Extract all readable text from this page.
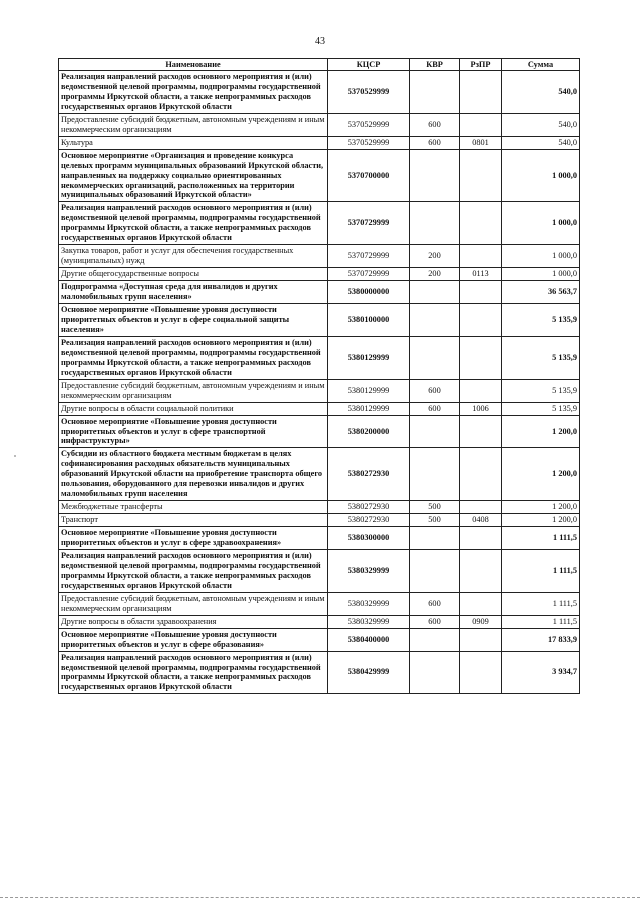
43
Наименование	КЦСР	КВР	РзПР	Сумма
Реализация направлений расходов основного мероприятия и (или) ведомственной целевой программы, подпрограммы государственной программы Иркутской области, а также непрограммных расходов государственных органов Иркутской области	5370529999			540,0
Предоставление субсидий бюджетным, автономным учреждениям и иным некоммерческим организациям	5370529999	600		540,0
Культура	5370529999	600	0801	540,0
Основное мероприятие «Организация и проведение конкурса целевых программ муниципальных образований Иркутской области, направленных на поддержку социально ориентированных некоммерческих организаций, расположенных на территории муниципальных образований Иркутской области»	5370700000			1 000,0
Реализация направлений расходов основного мероприятия и (или) ведомственной целевой программы, подпрограммы государственной программы Иркутской области, а также непрограммных расходов государственных органов Иркутской области	5370729999			1 000,0
Закупка товаров, работ и услуг для обеспечения государственных (муниципальных) нужд	5370729999	200		1 000,0
Другие общегосударственные вопросы	5370729999	200	0113	1 000,0
Подпрограмма «Доступная среда для инвалидов и других маломобильных групп населения»	5380000000			36 563,7
Основное мероприятие «Повышение уровня доступности приоритетных объектов и услуг в сфере социальной защиты населения»	5380100000			5 135,9
Реализация направлений расходов основного мероприятия и (или) ведомственной целевой программы, подпрограммы государственной программы Иркутской области, а также непрограммных расходов государственных органов Иркутской области	5380129999			5 135,9
Предоставление субсидий бюджетным, автономным учреждениям и иным некоммерческим организациям	5380129999	600		5 135,9
Другие вопросы в области социальной политики	5380129999	600	1006	5 135,9
Основное мероприятие «Повышение уровня доступности приоритетных объектов и услуг в сфере транспортной инфраструктуры»	5380200000			1 200,0
Субсидии из областного бюджета местным бюджетам в целях софинансирования расходных обязательств муниципальных образований Иркутской области на приобретение транспорта общего пользования, оборудованного для перевозки инвалидов и других маломобильных групп населения	5380272930			1 200,0
Межбюджетные трансферты	5380272930	500		1 200,0
Транспорт	5380272930	500	0408	1 200,0
Основное мероприятие «Повышение уровня доступности приоритетных объектов и услуг в сфере здравоохранения»	5380300000			1 111,5
Реализация направлений расходов основного мероприятия и (или) ведомственной целевой программы, подпрограммы государственной программы Иркутской области, а также непрограммных расходов государственных органов Иркутской области	5380329999			1 111,5
Предоставление субсидий бюджетным, автономным учреждениям и иным некоммерческим организациям	5380329999	600		1 111,5
Другие вопросы в области здравоохранения	5380329999	600	0909	1 111,5
Основное мероприятие «Повышение уровня доступности приоритетных объектов и услуг в сфере образования»	5380400000			17 833,9
Реализация направлений расходов основного мероприятия и (или) ведомственной целевой программы, подпрограммы государственной программы Иркутской области, а также непрограммных расходов государственных органов Иркутской области	5380429999			3 934,7
